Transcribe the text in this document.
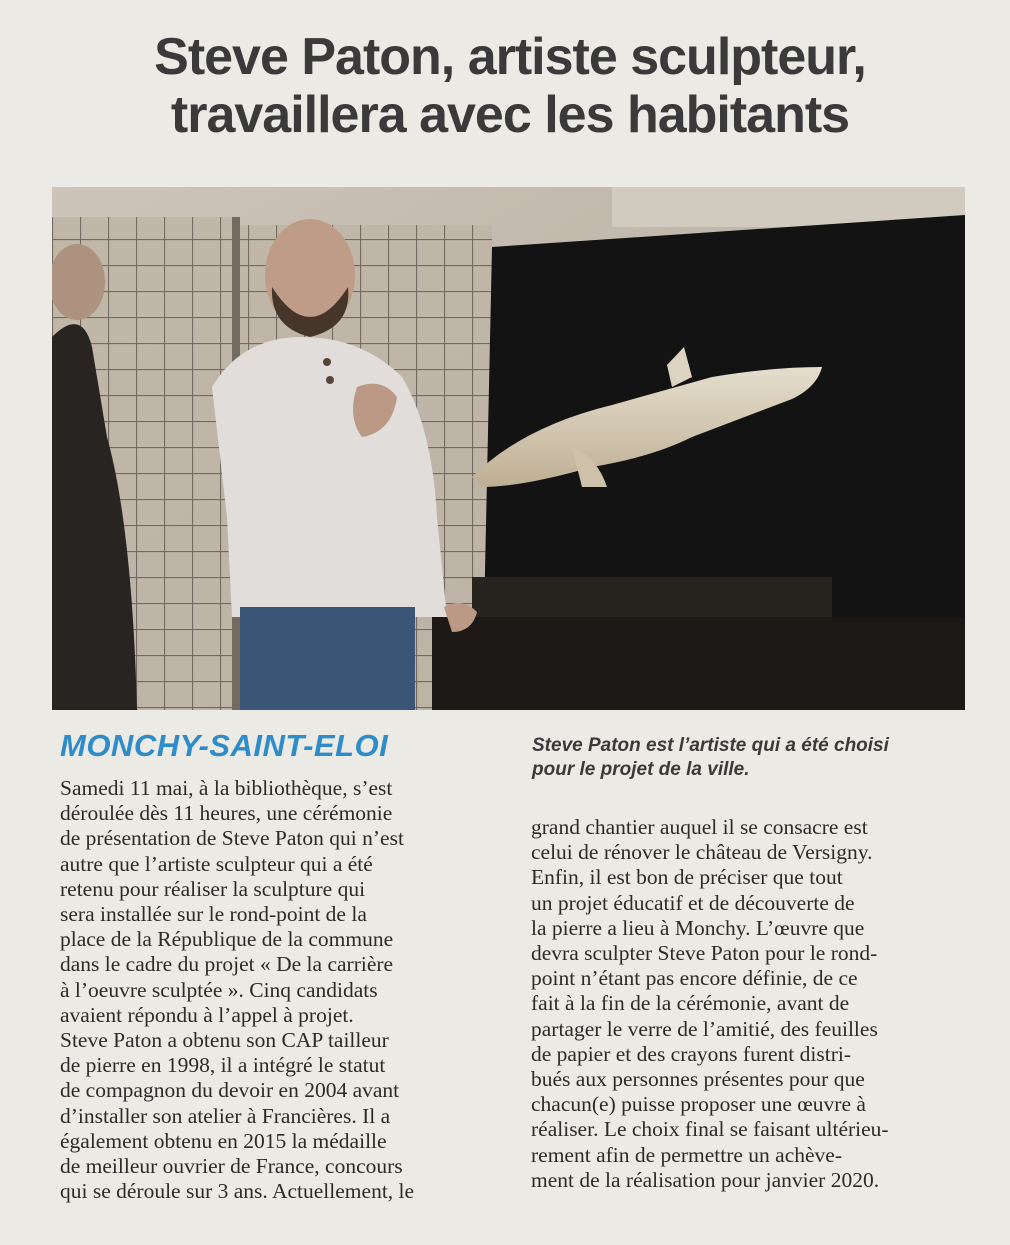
Steve Paton, artiste sculpteur,
travaillera avec les habitants
MONCHY-SAINT-ELOI	Steve Paton est l’artiste qui a été choisi
pour le projet de la ville.

Samedi 11 mai, à la bibliothèque, s’est
déroulée dès 11 heures, une cérémonie
de présentation de Steve Paton qui n’est
autre que l’artiste sculpteur qui a été
retenu pour réaliser la sculpture qui
sera installée sur le rond-point de la
place de la République de la commune
dans le cadre du projet « De la carrière
à l’oeuvre sculptée ». Cinq candidats
avaient répondu à l’appel à projet.
Steve Paton a obtenu son CAP tailleur
de pierre en 1998, il a intégré le statut
de compagnon du devoir en 2004 avant
d’installer son atelier à Francières. Il a
également obtenu en 2015 la médaille
de meilleur ouvrier de France, concours
qui se déroule sur 3 ans. Actuellement, le
grand chantier auquel il se consacre est
celui de rénover le château de Versigny.
Enfin, il est bon de préciser que tout
un projet éducatif et de découverte de
la pierre a lieu à Monchy. L’œuvre que
devra sculpter Steve Paton pour le rond-
point n’étant pas encore définie, de ce
fait à la fin de la cérémonie, avant de
partager le verre de l’amitié, des feuilles
de papier et des crayons furent distri-
bués aux personnes présentes pour que
chacun(e) puisse proposer une œuvre à
réaliser. Le choix final se faisant ultérieu-
rement afin de permettre un achève-
ment de la réalisation pour janvier 2020.
